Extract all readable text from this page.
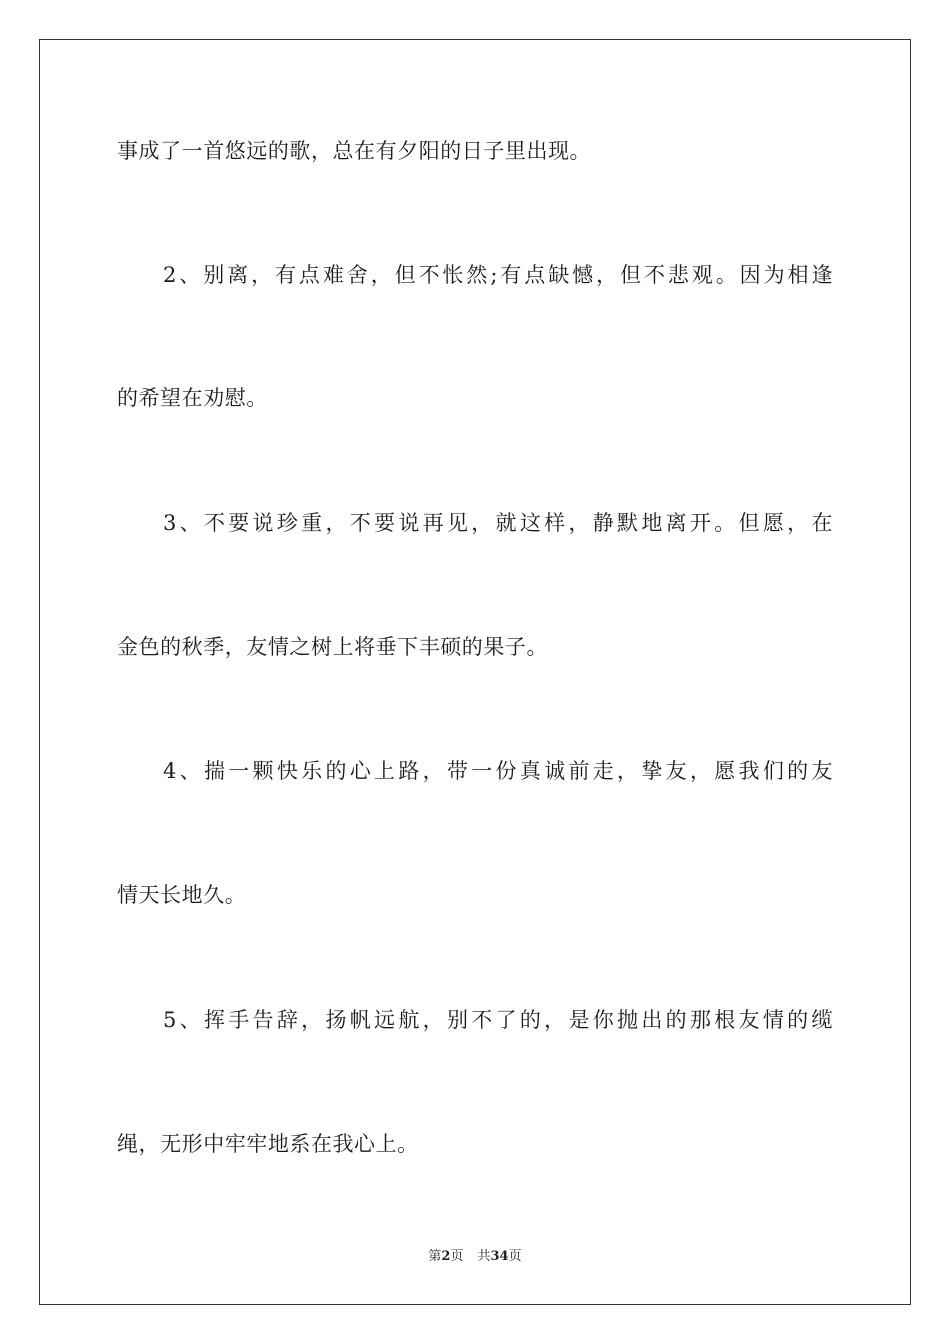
事成了一首悠远的歌，总在有夕阳的日子里出现。
2、别离，有点难舍，但不怅然;有点缺憾，但不悲观。因为相逢
的希望在劝慰。
3、不要说珍重，不要说再见，就这样，静默地离开。但愿，在
金色的秋季，友情之树上将垂下丰硕的果子。
4、揣一颗快乐的心上路，带一份真诚前走，挚友，愿我们的友
情天长地久。
5、挥手告辞，扬帆远航，别不了的，是你抛出的那根友情的缆
绳，无形中牢牢地系在我心上。
第2页 共34页
